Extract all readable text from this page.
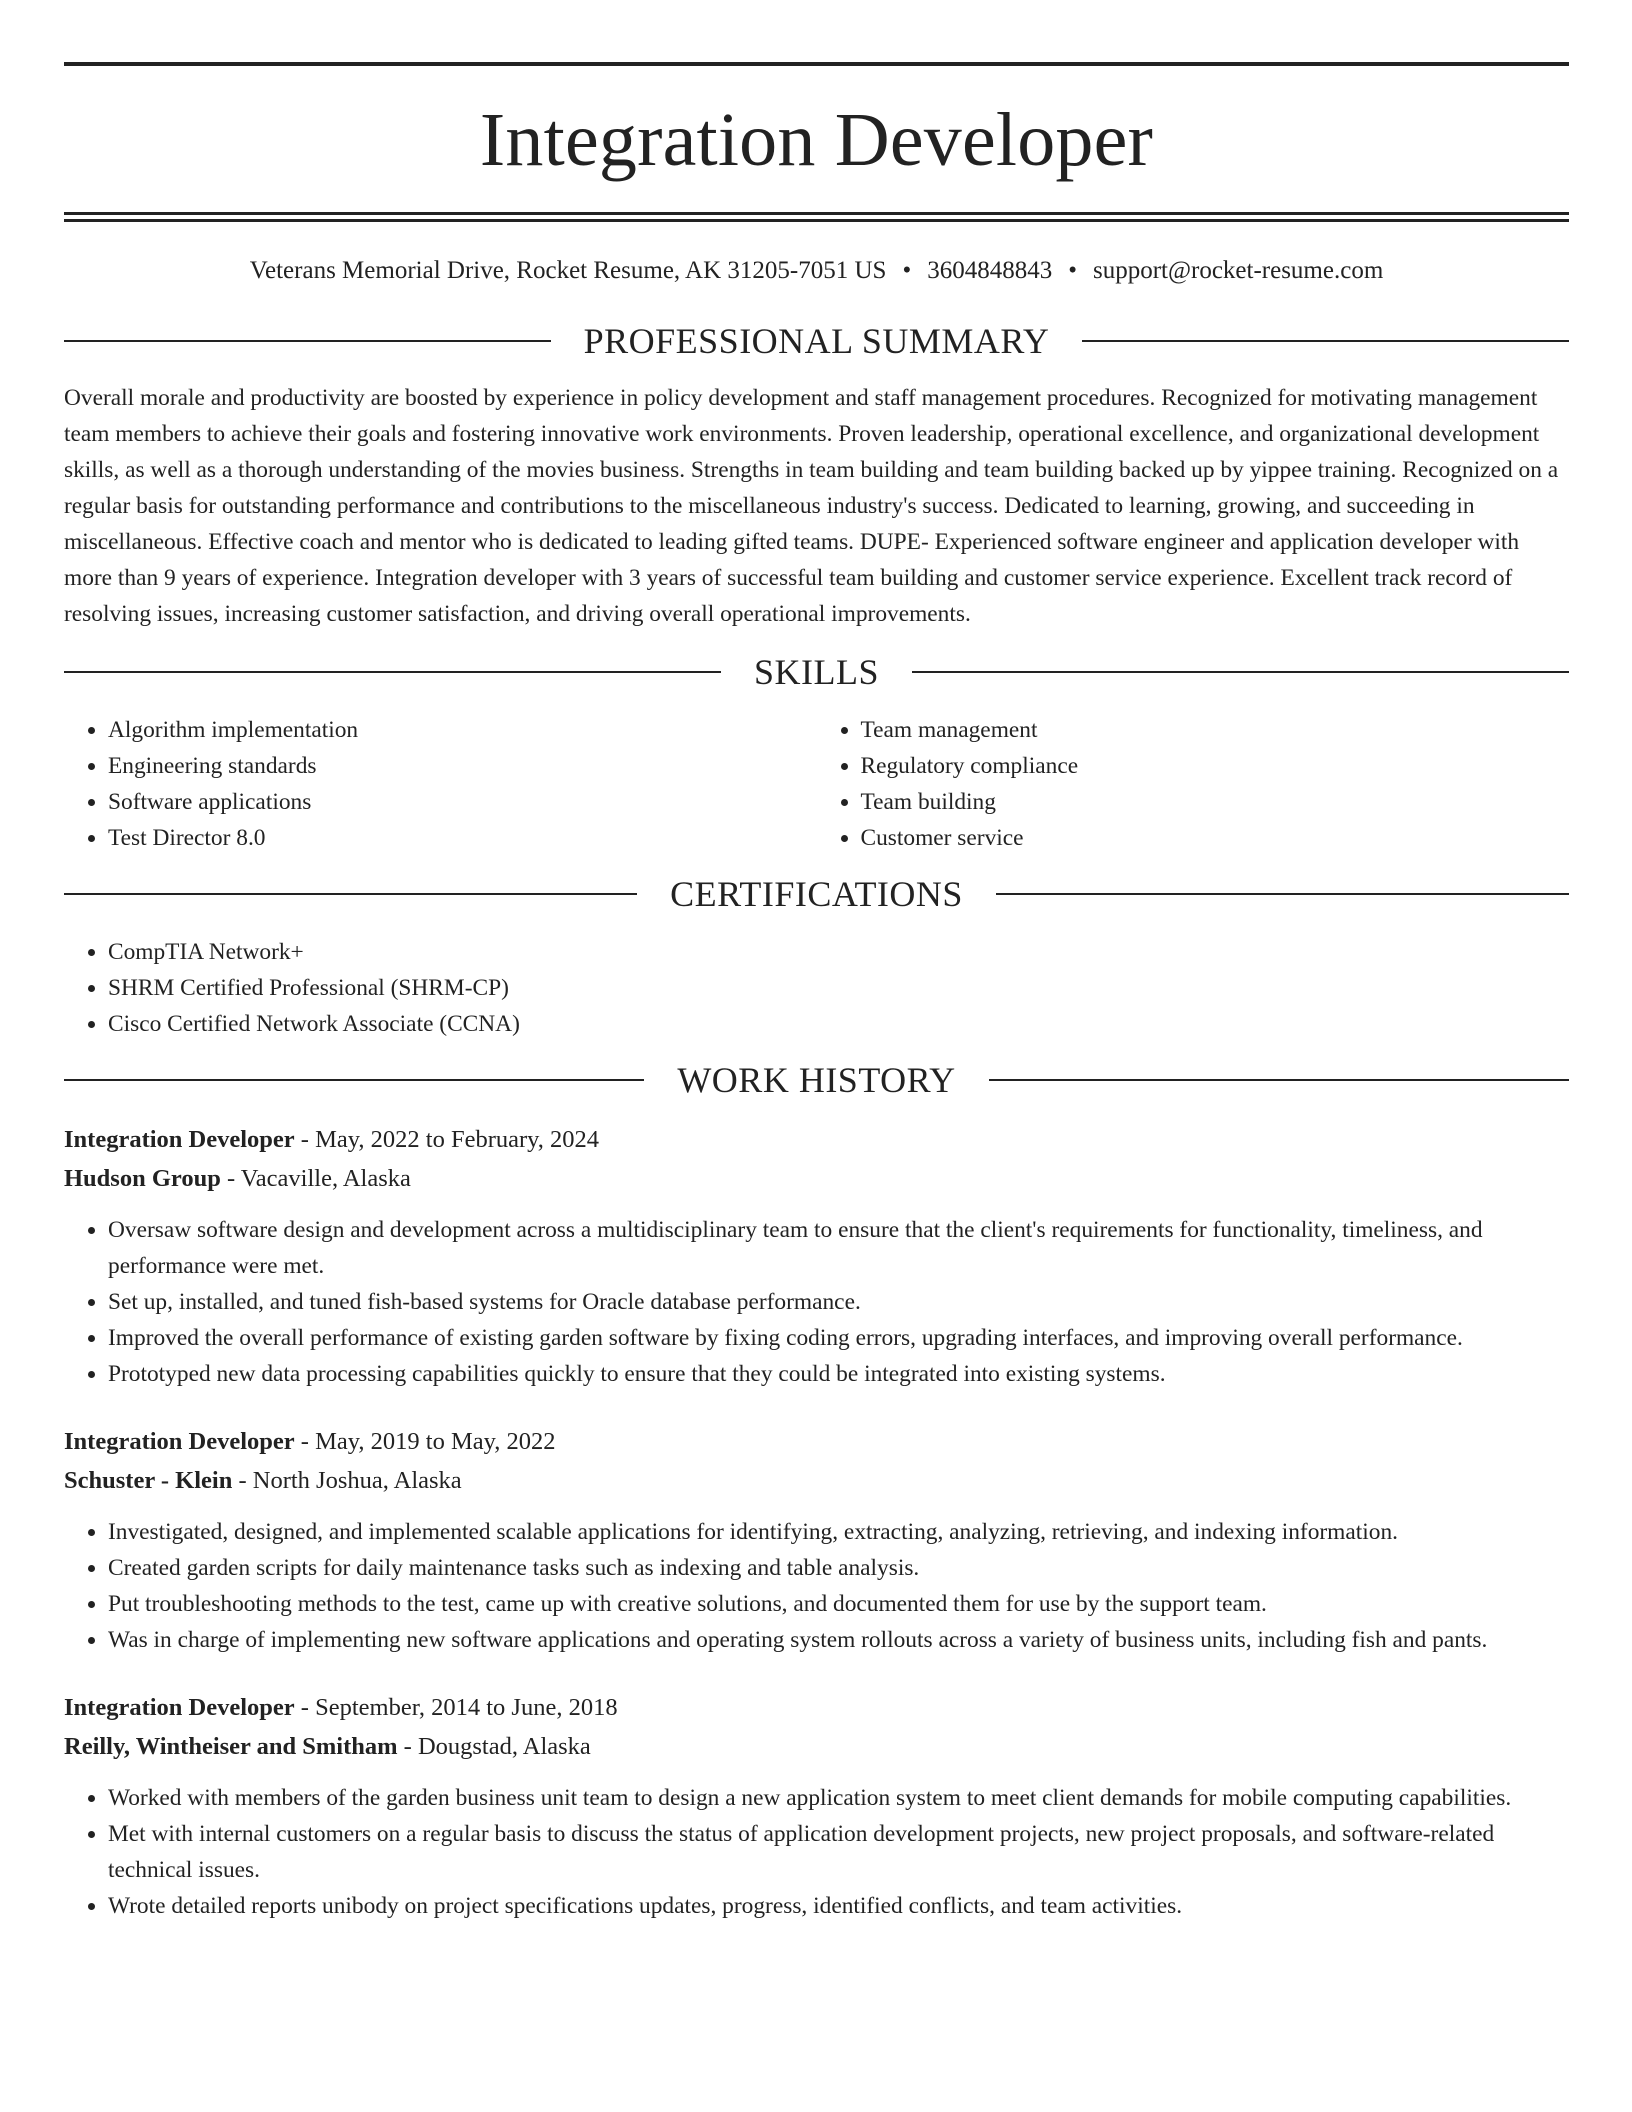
Integration Developer
Veterans Memorial Drive, Rocket Resume, AK 31205-7051 US • 3604848843 • support@rocket-resume.com
PROFESSIONAL SUMMARY

Overall morale and productivity are boosted by experience in policy development and staff management procedures. Recognized for motivating management team members to achieve their goals and fostering innovative work environments. Proven leadership, operational excellence, and organizational development skills, as well as a thorough understanding of the movies business. Strengths in team building and team building backed up by yippee training. Recognized on a regular basis for outstanding performance and contributions to the miscellaneous industry's success. Dedicated to learning, growing, and succeeding in miscellaneous. Effective coach and mentor who is dedicated to leading gifted teams. DUPE- Experienced software engineer and application developer with more than 9 years of experience. Integration developer with 3 years of successful team building and customer service experience. Excellent track record of resolving issues, increasing customer satisfaction, and driving overall operational improvements.

SKILLS
• Algorithm implementation
• Engineering standards
• Software applications
• Test Director 8.0
• Team management
• Regulatory compliance
• Team building
• Customer service
CERTIFICATIONS
• CompTIA Network+
• SHRM Certified Professional (SHRM-CP)
• Cisco Certified Network Associate (CCNA)
WORK HISTORY
Integration Developer - May, 2022 to February, 2024
Hudson Group - Vacaville, Alaska
• Oversaw software design and development across a multidisciplinary team to ensure that the client's requirements for functionality, timeliness, and performance were met.
• Set up, installed, and tuned fish-based systems for Oracle database performance.
• Improved the overall performance of existing garden software by fixing coding errors, upgrading interfaces, and improving overall performance.
• Prototyped new data processing capabilities quickly to ensure that they could be integrated into existing systems.
Integration Developer - May, 2019 to May, 2022
Schuster - Klein - North Joshua, Alaska
• Investigated, designed, and implemented scalable applications for identifying, extracting, analyzing, retrieving, and indexing information.
• Created garden scripts for daily maintenance tasks such as indexing and table analysis.
• Put troubleshooting methods to the test, came up with creative solutions, and documented them for use by the support team.
• Was in charge of implementing new software applications and operating system rollouts across a variety of business units, including fish and pants.
Integration Developer - September, 2014 to June, 2018
Reilly, Wintheiser and Smitham - Dougstad, Alaska
• Worked with members of the garden business unit team to design a new application system to meet client demands for mobile computing capabilities.
• Met with internal customers on a regular basis to discuss the status of application development projects, new project proposals, and software-related technical issues.
• Wrote detailed reports unibody on project specifications updates, progress, identified conflicts, and team activities.
